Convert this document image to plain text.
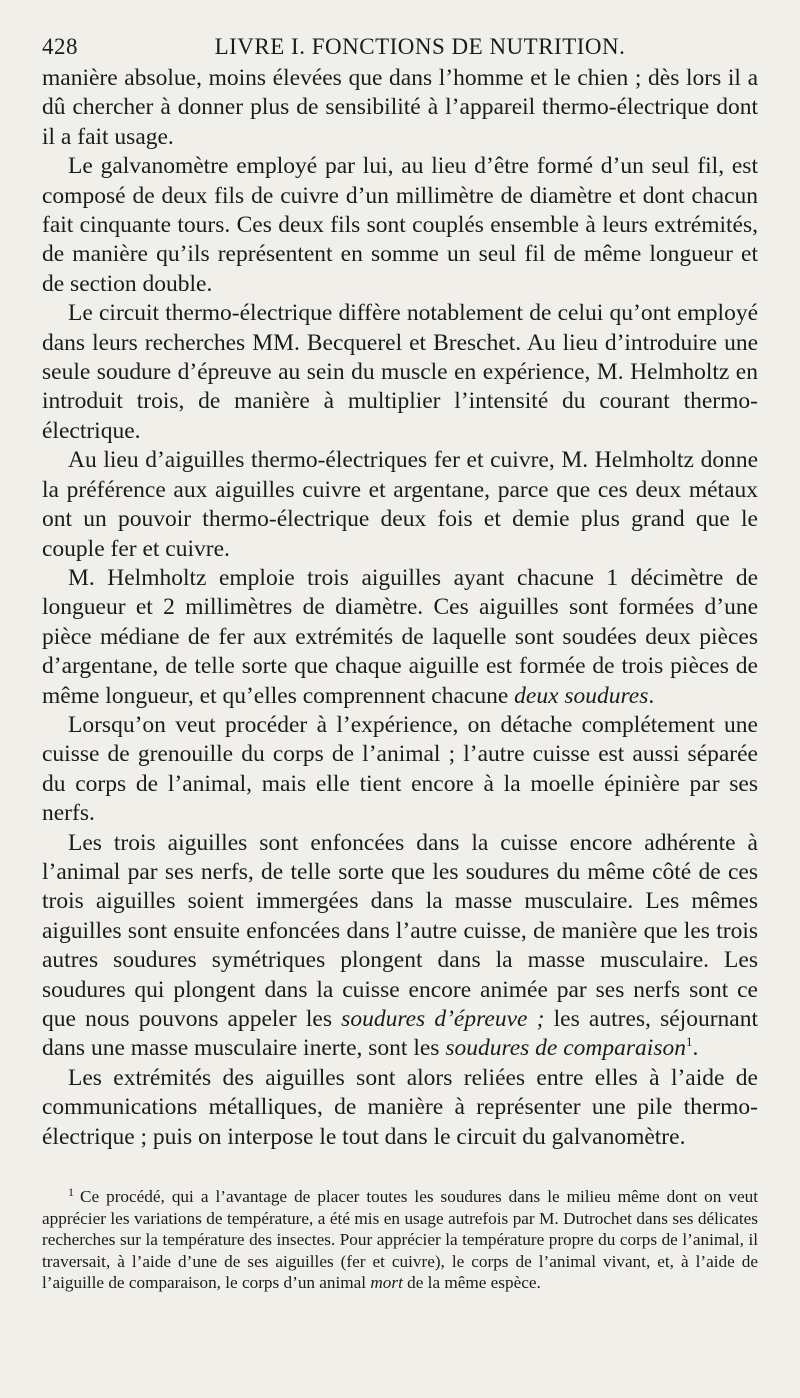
428	LIVRE I. FONCTIONS DE NUTRITION.

manière absolue, moins élevées que dans l’homme et le chien ; dès lors il a dû chercher à donner plus de sensibilité à l’appareil thermo-électrique dont il a fait usage.

Le galvanomètre employé par lui, au lieu d’être formé d’un seul fil, est composé de deux fils de cuivre d’un millimètre de diamètre et dont chacun fait cinquante tours. Ces deux fils sont couplés ensemble à leurs extrémités, de manière qu’ils représentent en somme un seul fil de même longueur et de section double.

Le circuit thermo-électrique diffère notablement de celui qu’ont employé dans leurs recherches MM. Becquerel et Breschet. Au lieu d’introduire une seule soudure d’épreuve au sein du muscle en expérience, M. Helmholtz en introduit trois, de manière à multiplier l’intensité du courant thermo-électrique.

Au lieu d’aiguilles thermo-électriques fer et cuivre, M. Helmholtz donne la préférence aux aiguilles cuivre et argentane, parce que ces deux métaux ont un pouvoir thermo-électrique deux fois et demie plus grand que le couple fer et cuivre.

M. Helmholtz emploie trois aiguilles ayant chacune 1 décimètre de longueur et 2 millimètres de diamètre. Ces aiguilles sont formées d’une pièce médiane de fer aux extrémités de laquelle sont soudées deux pièces d’argentane, de telle sorte que chaque aiguille est formée de trois pièces de même longueur, et qu’elles comprennent chacune deux soudures.

Lorsqu’on veut procéder à l’expérience, on détache complétement une cuisse de grenouille du corps de l’animal ; l’autre cuisse est aussi séparée du corps de l’animal, mais elle tient encore à la moelle épinière par ses nerfs.

Les trois aiguilles sont enfoncées dans la cuisse encore adhérente à l’animal par ses nerfs, de telle sorte que les soudures du même côté de ces trois aiguilles soient immergées dans la masse musculaire. Les mêmes aiguilles sont ensuite enfoncées dans l’autre cuisse, de manière que les trois autres soudures symétriques plongent dans la masse musculaire. Les soudures qui plongent dans la cuisse encore animée par ses nerfs sont ce que nous pouvons appeler les soudures d’épreuve ; les autres, séjournant dans une masse musculaire inerte, sont les soudures de comparaison$^1$.

Les extrémités des aiguilles sont alors reliées entre elles à l’aide de communications métalliques, de manière à représenter une pile thermo-électrique ; puis on interpose le tout dans le circuit du galvanomètre.

$^1$ Ce procédé, qui a l’avantage de placer toutes les soudures dans le milieu même dont on veut apprécier les variations de température, a été mis en usage autrefois par M. Dutrochet dans ses délicates recherches sur la température des insectes. Pour apprécier la température propre du corps de l’animal, il traversait, à l’aide d’une de ses aiguilles (fer et cuivre), le corps de l’animal vivant, et, à l’aide de l’aiguille de comparaison, le corps d’un animal mort de la même espèce.
